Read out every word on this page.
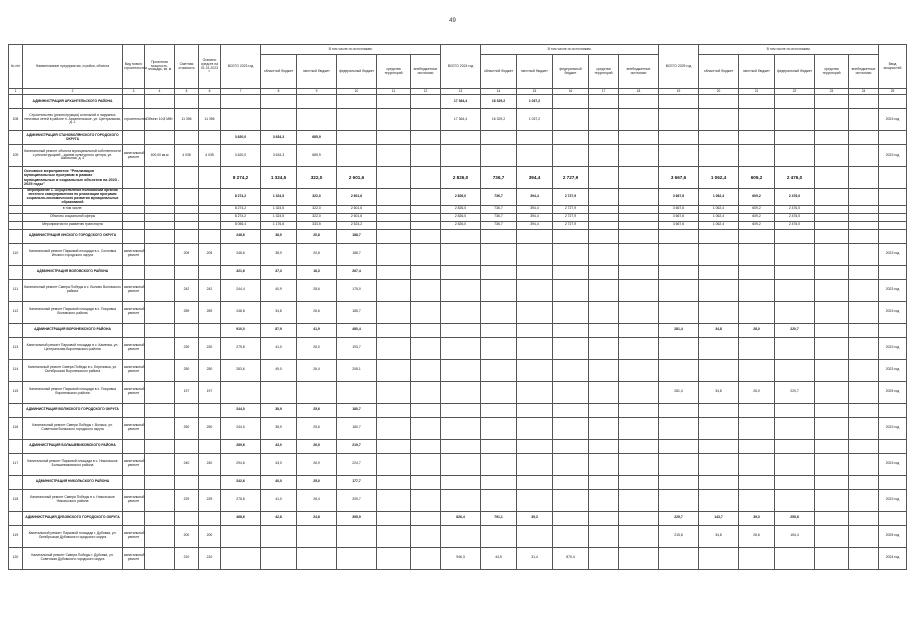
49
№ п/п	Наименование предприятия, стройки, объекта	Вид нового строительства	Проектная мощность, площадь, кв. м	Сметная стоимость	Освоено средств на 01.01.2023 г.	ВСЕГО 2023 год	В том числе по источникам:					ВСЕГО 2024 год	В том числе по источникам:					ВСЕГО 2025 год	В том числе по источникам:					Ввод мощностей
							областной бюджет	местный бюджет	федеральный бюджет	средства территорий	внебюджетные источники		областной бюджет	местный бюджет	федеральный бюджет	средства территорий	внебюджетные источники		областной бюджет	местный бюджет	федеральный бюджет	средства территорий	внебюджетные источники	
1	2	3	4	5	6	7	8	9	10	11	12	13	14	15	16	17	18	19	20	21	22	23	24	25
	АДМИНИСТРАЦИЯ АРХАНГЕЛЬСКОГО РАЙОНА											17 364,4	16 329,2	1 037,2										
108	Строительство (реконструкция) котельной и наружных тепловых сетей в районе п. Архангельское, ул. Центральная, д. 1	строительство	Объект 10,8 МВт	11 396	11 396							17 364,4	16 329,2	1 037,2										2023 год
	АДМИНИСТРАЦИЯ СТАНОВОЛЯНСКОГО ГОРОДСКОГО ОКРУГА					3 620,0	3 634,3	685,9																
109	Капитальный ремонт объекта муниципальной собственности с реконструкцией - здание культурного центра, ул. Школьная, д. 4	капитальный ремонт	400,00 кв.м	4 035	4 035	3 620,0	3 634,3	685,9																2023 год
	Основное мероприятие "Реализация муниципальных программ в рамках муниципальных и социальных объектов на 2023 - 2025 годы"					8 274,2	1 324,5	322,0	2 601,6			2 826,0	736,7	394,4	2 727,9			3 667,6	1 062,4	609,2	2 476,0			
	Мероприятие 1. Осуществление полномочий органов местного самоуправления по реализации программ социально-экономического развития муниципальных образований					8 274,2	1 324,5	322,0	2 601,6			2 826,0	736,7	394,4	2 727,9			3 667,6	1 062,4	609,2	2 476,0			
	в том числе:					8 274,2	1 324,5	322,0	2 601,6			2 826,0	736,7	394,4	2 727,9			3 667,6	1 062,4	609,2	2 476,0			
	Объекты социальной сферы					8 274,2	1 324,5	322,0	2 601,6			2 826,0	736,7	394,4	2 727,9			3 667,6	1 062,4	609,2	2 476,0			
	Мероприятия по развитию транспорта					8 056,4	1 176,6	333,5	2 523,2			2 826,0	736,7	394,4	2 727,9			3 667,6	1 062,4	609,2	2 476,0			
	АДМИНИСТРАЦИЯ ИНСКОГО ГОРОДСКОГО ОКРУГА					248,6	38,9	20,8	188,7															
110	Капитальный ремонт Парковой площади в с. Сосновка Инского городского округа	капитальный ремонт		205	205	248,6	38,9	20,8	188,7															2023 год
	АДМИНИСТРАЦИЯ ВОЛОВСКОГО РАЙОНА					321,6	37,3	16,3	267,4															
111	Капитальный ремонт Сквера Победы в с. Волово Воловского района	капитальный ремонт		242	242	244,4	40,9	28,6	175,0															2023 год
112	Капитальный ремонт Парковой площади в с. Покровка Воловского района	капитальный ремонт		289	289	248,8	34,8	26,6	185,7															2023 год
	АДМИНИСТРАЦИЯ ВОРОНЕЖСКОГО РАЙОНА					910,0	87,9	41,9	480,4									281,4	34,8	28,0	220,7			
113	Капитальный ремонт Парковой площади в с. Каменка, ул. Центральная Воронежского района	капитальный ремонт		230	230	279,8	41,0	26,0	193,7															2023 год
114	Капитальный ремонт Сквера Победы в с. Березовка, ул. Октябрьская Воронежского района	капитальный ремонт		250	250	283,6	49,0	26,4	208,1															2023 год
115	Капитальный ремонт Парковой площади в с. Покровка Воронежского района	капитальный ремонт		197	197													281,4	34,8	26,0	220,7			2025 год
	АДМИНИСТРАЦИЯ ВОЛЖСКОГО ГОРОДСКОГО ОКРУГА					244,0	38,9	25,6	180,7															
116	Капитальный ремонт Сквера Победы г. Волжск, ул. Советская Волжского городского округа	капитальный ремонт		250	250	244,0	38,9	25,6	180,7															2023 год
	АДМИНИСТРАЦИЯ БОЛЬШЕВИКОВСКОГО РАЙОНА					289,6	43,0	26,9	219,7															
117	Капитальный ремонт Парковой площади в с. Никольское Большевиковского района	капитальный ремонт		240	240	294,6	43,0	26,9	224,7															2023 год
	АДМИНИСТРАЦИЯ НИКОЛЬСКОГО РАЙОНА					242,6	40,0	25,0	177,7															
118	Капитальный ремонт Сквера Победы в с. Никольское Никольского района	капитальный ремонт		229	229	278,8	41,0	26,4	209,7															2023 год
	АДМИНИСТРАЦИЯ ДУБОВСКОГО ГОРОДСКОГО ОКРУГА					468,6	42,8	24,8	395,9			826,4	791,1	35,3				225,7	143,7	39,3	255,8			
119	Капитальный ремонт Парковой площади г. Дубовка, ул. Октябрьская Дубовского городского округа	капитальный ремонт		200	200													215,8	34,8	26,6	154,4			2025 год
120	Капитальный ремонт Сквера Победы г. Дубовка, ул. Советская Дубовского городского округа	капитальный ремонт		210	210							946,3	44,5	31,4	870,4									2024 год
